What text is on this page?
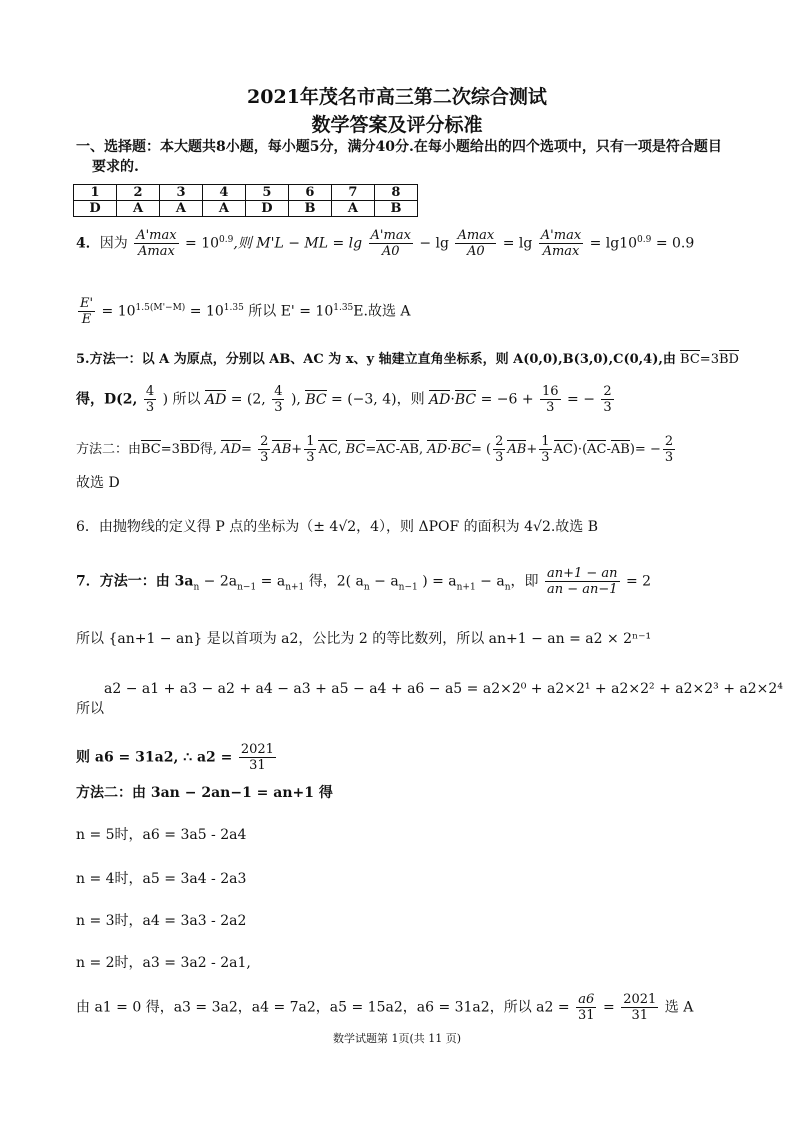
2021年茂名市高三第二次综合测试
数学答案及评分标准
一、选择题：本大题共8小题，每小题5分，满分40分.在每小题给出的四个选项中，只有一项是符合题目
要求的.
1	2	3	4	5	6	7	8
D	A	A	A	D	B	A	B
4．因为 $\frac{A'\max}{Amax} = 10^{0.9}$,则 M'L − ML = $\lg \frac{A'\max}{A0} - \lg \frac{Amax}{A0} = \lg \frac{A'\max}{Amax} = \lg 10^{0.9} = 0.9$
$\frac{E'}{E} = 10^{1.5(M'-M)} = 10^{1.35}$ 所以 $E' = 10^{1.35}E$.故选 A
5.方法一：以 A 为原点，分别以 AB、AC 为 x、y 轴建立直角坐标系，则 A(0,0),B(3,0),C(0,4),由 BC=3BD
得，D(2, $\frac{4}{3}$ ) 所以 AD = (2, $\frac{4}{3}$ ), BC = (−3, 4)，则 $AD\cdot BC = -6 + \frac{16}{3}$ = − $\frac{2}{3}$
方法二：由BC=3BD得, $AD= \frac{2}{3} AB+ \frac{1}{3}$ AC, BC=AC-AB, AD·BC= ( $\frac{2}{3} AB+ \frac{1}{3} AC)\cdot(AC-AB)= - \frac{2}{3}$
故选 D
6．由抛物线的定义得 P 点的坐标为（± 4√2，4），则 ΔPOF 的面积为 4√2.故选 B
7．方法一：由 $3a_n - 2a_{n-1} = a_{n+1}$ 得，2( $a_n - a_{n-1}$ ) = $a_{n+1} - a_n$，即 $\frac{an+1 - an}{an - an-1} = 2$
所以 {an+1 − an} 是以首项为 a2，公比为 2 的等比数列，所以 an+1 − an = a2 × 2ⁿ⁻¹
a2 − a1 + a3 − a2 + a4 − a3 + a5 − a4 + a6 − a5 = a2×2⁰ + a2×2¹ + a2×2² + a2×2³ + a2×2⁴
所以
则 a6 = 31a2, ∴ $a2 = \frac{2021}{31}$
方法二：由 3an − 2an−1 = an+1 得
n = 5时，a6 = 3a5 - 2a4
n = 4时，a5 = 3a4 - 2a3
n = 3时，a4 = 3a3 - 2a2
n = 2时，a3 = 3a2 - 2a1,
由 a1 = 0 得，a3 = 3a2，a4 = 7a2，a5 = 15a2，a6 = 31a2，所以 $a2 = \frac{a6}{31} = \frac{2021}{31}$ 选 A
数学试题第 1页(共 11 页)
